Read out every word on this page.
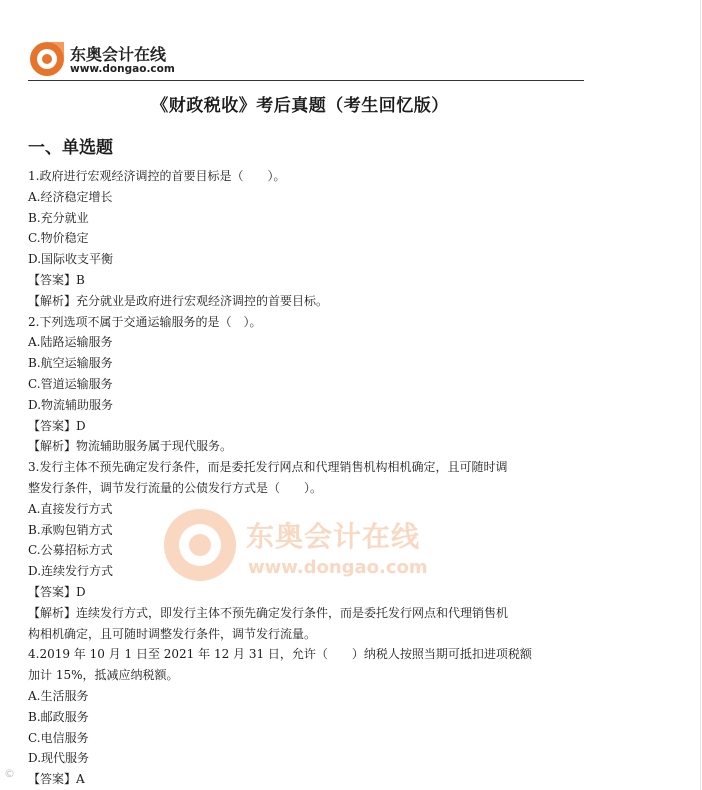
东奥会计在线
www.dongao.com
《财政税收》考后真题（考生回忆版）
一、单选题
1.政府进行宏观经济调控的首要目标是（　　）。
A.经济稳定增长
B.充分就业
C.物价稳定
D.国际收支平衡
【答案】B
【解析】充分就业是政府进行宏观经济调控的首要目标。
2.下列选项不属于交通运输服务的是（　）。
A.陆路运输服务
B.航空运输服务
C.管道运输服务
D.物流辅助服务
【答案】D
【解析】物流辅助服务属于现代服务。
3.发行主体不预先确定发行条件，而是委托发行网点和代理销售机构相机确定，且可随时调
整发行条件，调节发行流量的公债发行方式是（　　）。
A.直接发行方式
B.承购包销方式
C.公募招标方式
D.连续发行方式
【答案】D
【解析】连续发行方式，即发行主体不预先确定发行条件，而是委托发行网点和代理销售机
构相机确定，且可随时调整发行条件，调节发行流量。
4.2019 年 10 月 1 日至 2021 年 12 月 31 日，允许（　　）纳税人按照当期可抵扣进项税额
加计 15%，抵减应纳税额。
A.生活服务
B.邮政服务
C.电信服务
D.现代服务
【答案】A
东奥会计在线
www.dongao.com
©
